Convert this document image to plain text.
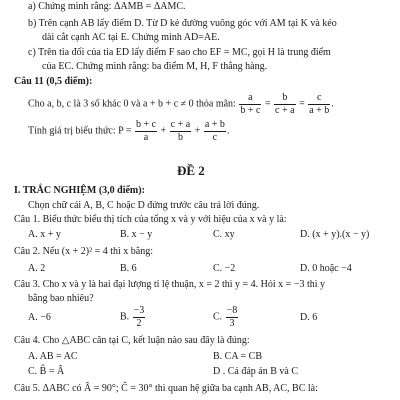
a) Chứng minh rằng: ΔAMB = ΔAMC.
b) Trên cạnh AB lấy điểm D. Từ D kẻ đường vuông góc với AM tại K và kéo
dài cắt cạnh AC tại E. Chứng minh AD=AE.
c) Trên tia đối của tia ED lấy điểm F sao cho EF = MC, gọi H là trung điểm
của EC. Chứng minh rằng: ba điểm M, H, F thẳng hàng.
Câu 11 (0,5 điểm):
Cho a, b, c là 3 số khác 0 và a + b + c ≠ 0 thỏa mãn: $\frac{a}{b + c} = \frac{b}{c + a} = \frac{c}{a + b}$ .
Tính giá trị biểu thức: $P = \frac{b + c}{a} + \frac{c + a}{b} + \frac{a + b}{c}$ .
ĐỀ 2
I. TRẮC NGHIỆM (3,0 điểm):
Chọn chữ cái A, B, C hoặc D đứng trước câu trả lời đúng.
Câu 1. Biểu thức biểu thị tích của tổng x và y với hiệu của x và y là:
A. x + y	B. x − y	C. xy	D. (x + y).(x − y)
Câu 2. Nếu (x + 2)² = 4 thì x bằng:
A. 2	B. 6	C. −2	D. 0 hoặc −4
Câu 3. Cho x và y là hai đại lượng tỉ lệ thuận, x = 2 thì y = 4. Hỏi x = −3 thì y
bằng bao nhiêu?
A. −6	B. $\frac{-3}{2}$	C. $\frac{-8}{3}$	D. 6
Câu 4. Cho △ABC cân tại C, kết luận nào sau đây là đúng:
A. AB = AC	B. CA = CB
C. B̂ = Â	D . Cả đáp án B và C
Câu 5. ΔABC có Â = 90°; Ĉ = 30° thì quan hệ giữa ba cạnh AB, AC, BC là:
